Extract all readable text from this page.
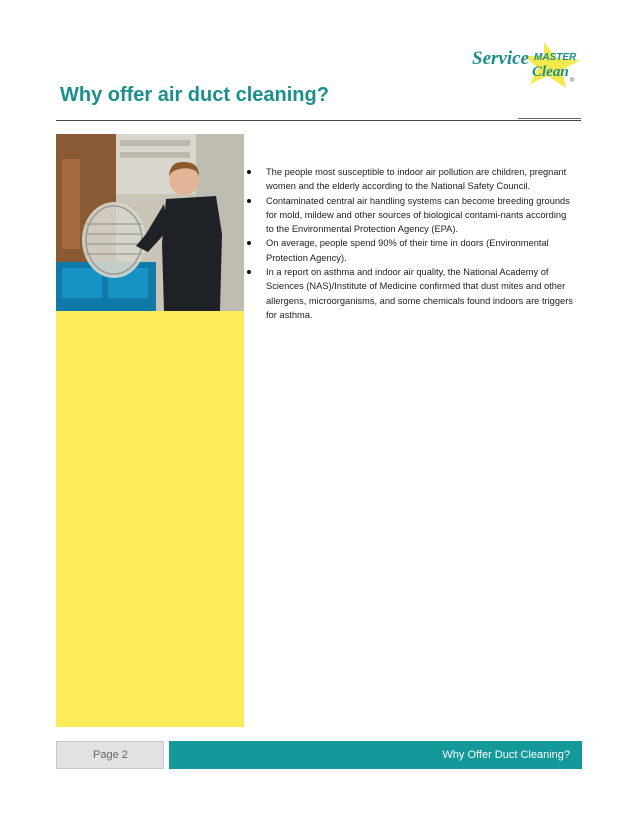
Service MASTER
Clean
®
Why offer air duct cleaning?
The people most susceptible to indoor air pollution are children, pregnant women and the elderly according to the National Safety Council.
Contaminated central air handling systems can become breeding grounds for mold, mildew and other sources of biological contami-nants according to the Environmental Protection Agency (EPA).
On average, people spend 90% of their time in doors (Environmental Protection Agency).
In a report on asthma and indoor air quality, the National Academy of Sciences (NAS)/Institute of Medicine confirmed that dust mites and other allergens, microorganisms, and some chemicals found indoors are triggers for asthma.
Page 2	Why Offer Duct Cleaning?
